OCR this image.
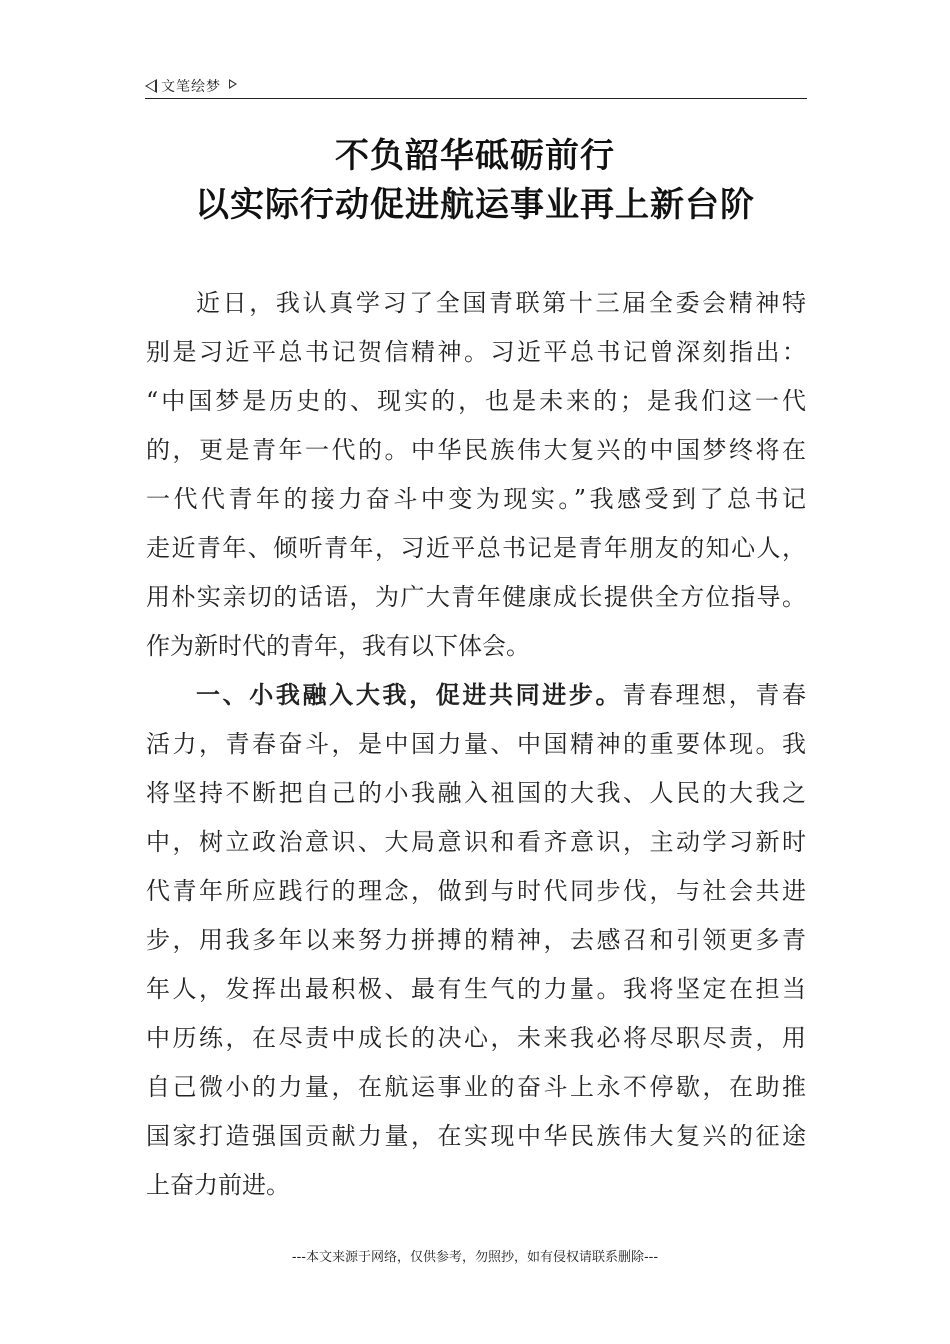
文笔绘梦
不负韶华砥砺前行
以实际行动促进航运事业再上新台阶
近日，我认真学习了全国青联第十三届全委会精神特
别是习近平总书记贺信精神。习近平总书记曾深刻指出：
“中国梦是历史的、现实的，也是未来的；是我们这一代
的，更是青年一代的。中华民族伟大复兴的中国梦终将在
一代代青年的接力奋斗中变为现实。”我感受到了总书记
走近青年、倾听青年，习近平总书记是青年朋友的知心人，
用朴实亲切的话语，为广大青年健康成长提供全方位指导。
作为新时代的青年，我有以下体会。
一、小我融入大我，促进共同进步。青春理想，青春
活力，青春奋斗，是中国力量、中国精神的重要体现。我
将坚持不断把自己的小我融入祖国的大我、人民的大我之
中，树立政治意识、大局意识和看齐意识，主动学习新时
代青年所应践行的理念，做到与时代同步伐，与社会共进
步，用我多年以来努力拼搏的精神，去感召和引领更多青
年人，发挥出最积极、最有生气的力量。我将坚定在担当
中历练，在尽责中成长的决心，未来我必将尽职尽责，用
自己微小的力量，在航运事业的奋斗上永不停歇，在助推
国家打造强国贡献力量，在实现中华民族伟大复兴的征途
上奋力前进。
---本文来源于网络，仅供参考，勿照抄，如有侵权请联系删除---
